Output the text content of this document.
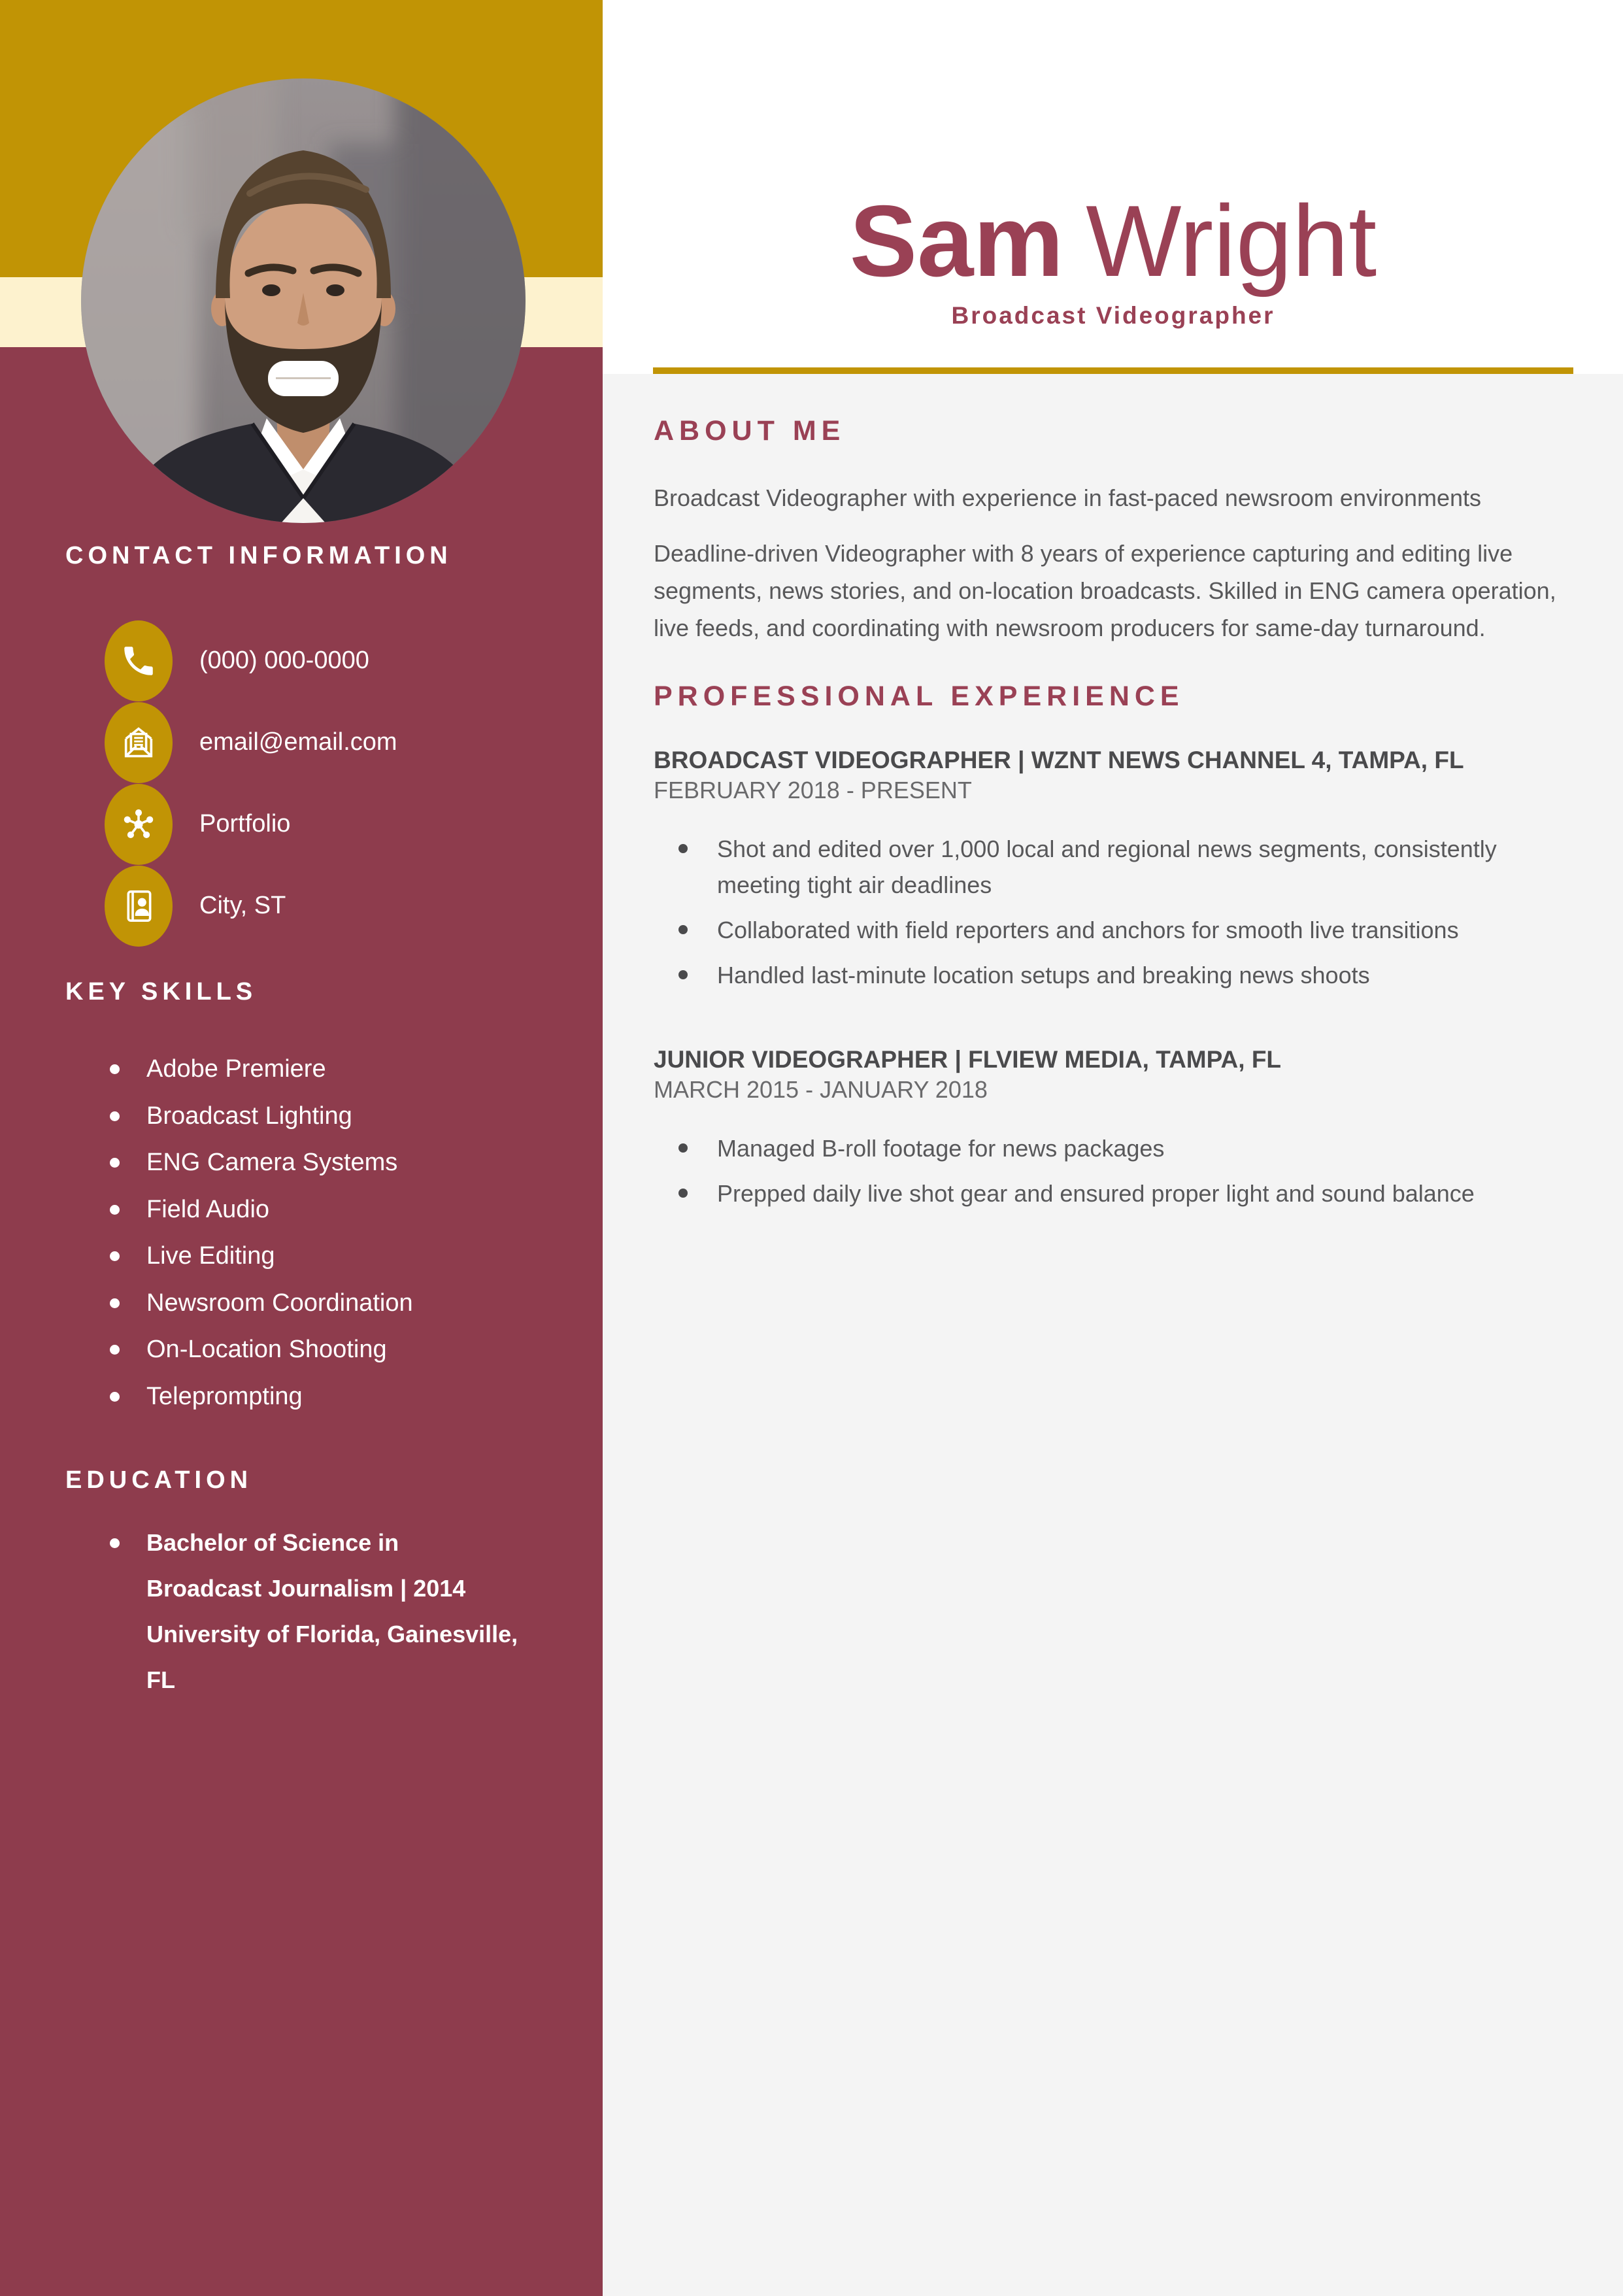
CONTACT INFORMATION
(000) 000-0000
email@email.com
Portfolio
City, ST
KEY SKILLS
Adobe Premiere
Broadcast Lighting
ENG Camera Systems
Field Audio
Live Editing
Newsroom Coordination
On-Location Shooting
Teleprompting
EDUCATION
Bachelor of Science in
Broadcast Journalism | 2014
University of Florida, Gainesville,
FL
Sam Wright
Broadcast Videographer
ABOUT ME

Broadcast Videographer with experience in fast-paced newsroom environments

Deadline-driven Videographer with 8 years of experience capturing and editing live segments, news stories, and on-location broadcasts. Skilled in ENG camera operation, live feeds, and coordinating with newsroom producers for same-day turnaround.

PROFESSIONAL EXPERIENCE
BROADCAST VIDEOGRAPHER | WZNT NEWS CHANNEL 4, TAMPA, FL
FEBRUARY 2018 - PRESENT
Shot and edited over 1,000 local and regional news segments, consistently meeting tight air deadlines
Collaborated with field reporters and anchors for smooth live transitions
Handled last-minute location setups and breaking news shoots
JUNIOR VIDEOGRAPHER | FLVIEW MEDIA, TAMPA, FL
MARCH 2015 - JANUARY 2018
Managed B-roll footage for news packages
Prepped daily live shot gear and ensured proper light and sound balance
